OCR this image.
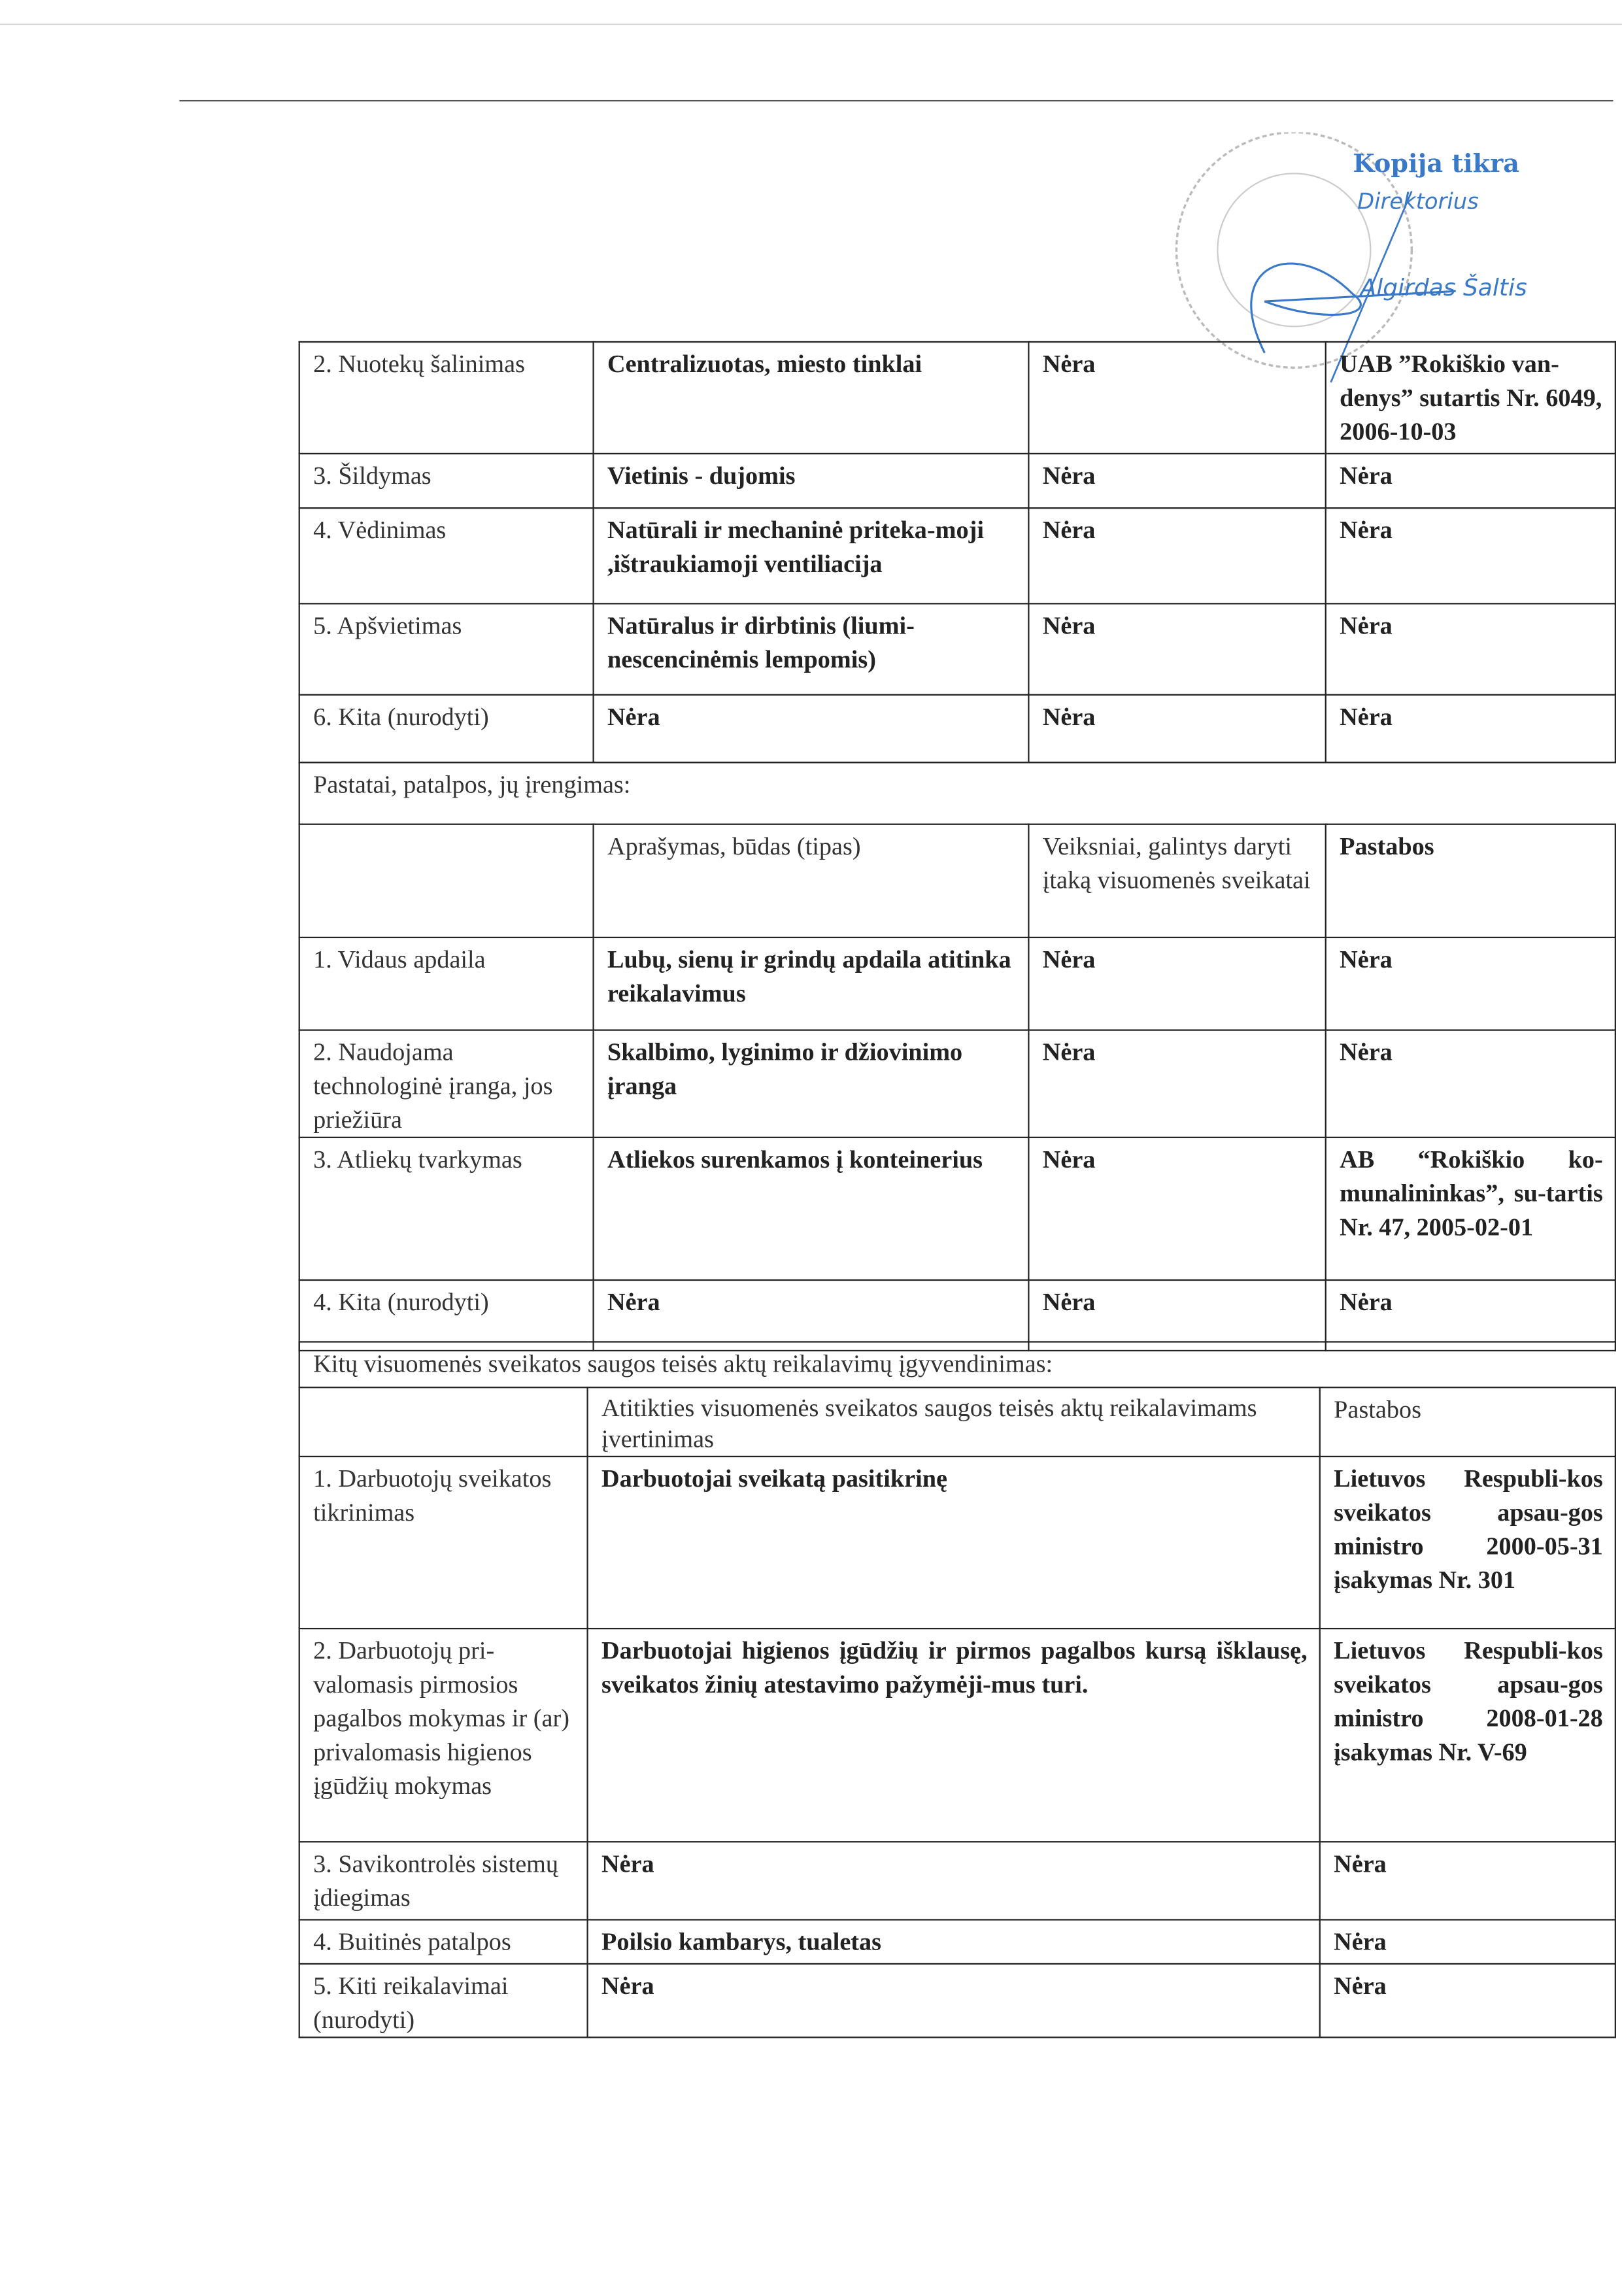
Kopija tikra
Direktorius
Algirdas Šaltis
2. Nuotekų šalinimas	Centralizuotas, miesto tinklai	Nėra	UAB ”Rokiškio van-denys” sutartis Nr. 6049, 2006-10-03
3. Šildymas	Vietinis - dujomis	Nėra	Nėra
4. Vėdinimas	Natūrali ir mechaninė priteka-moji ,ištraukiamoji ventiliacija	Nėra	Nėra
5. Apšvietimas	Natūralus ir dirbtinis (liumi-nescencinėmis lempomis)	Nėra	Nėra
6. Kita (nurodyti)	Nėra	Nėra	Nėra
Pastatai, patalpos, jų įrengimas:			
	Aprašymas, būdas (tipas)	Veiksniai, galintys daryti įtaką visuomenės sveikatai	Pastabos
1. Vidaus apdaila	Lubų, sienų ir grindų apdaila atitinka reikalavimus	Nėra	Nėra
2. Naudojama technologinė įranga, jos priežiūra	Skalbimo, lyginimo ir džiovinimo įranga	Nėra	Nėra
3. Atliekų tvarkymas	Atliekos surenkamos į konteinerius	Nėra	AB “Rokiškio ko-munalininkas”, su-tartis Nr. 47, 2005-02-01
4. Kita (nurodyti)	Nėra	Nėra	Nėra
Kitų visuomenės sveikatos saugos teisės aktų reikalavimų įgyvendinimas:		
	Atitikties visuomenės sveikatos saugos teisės aktų reikalavimams įvertinimas	Pastabos
1. Darbuotojų sveikatos tikrinimas	Darbuotojai sveikatą pasitikrinę	Lietuvos Respubli-kos sveikatos apsau-gos ministro 2000-05-31 įsakymas Nr. 301
2. Darbuotojų pri-valomasis pirmosios pagalbos mokymas ir (ar) privalomasis higienos įgūdžių mokymas	Darbuotojai higienos įgūdžių ir pirmos pagalbos kursą išklausę, sveikatos žinių atestavimo pažymėji-mus turi.	Lietuvos Respubli-kos sveikatos apsau-gos ministro 2008-01-28 įsakymas Nr. V-69
3. Savikontrolės sistemų įdiegimas	Nėra	Nėra
4. Buitinės patalpos	Poilsio kambarys, tualetas	Nėra
5. Kiti reikalavimai (nurodyti)	Nėra	Nėra
